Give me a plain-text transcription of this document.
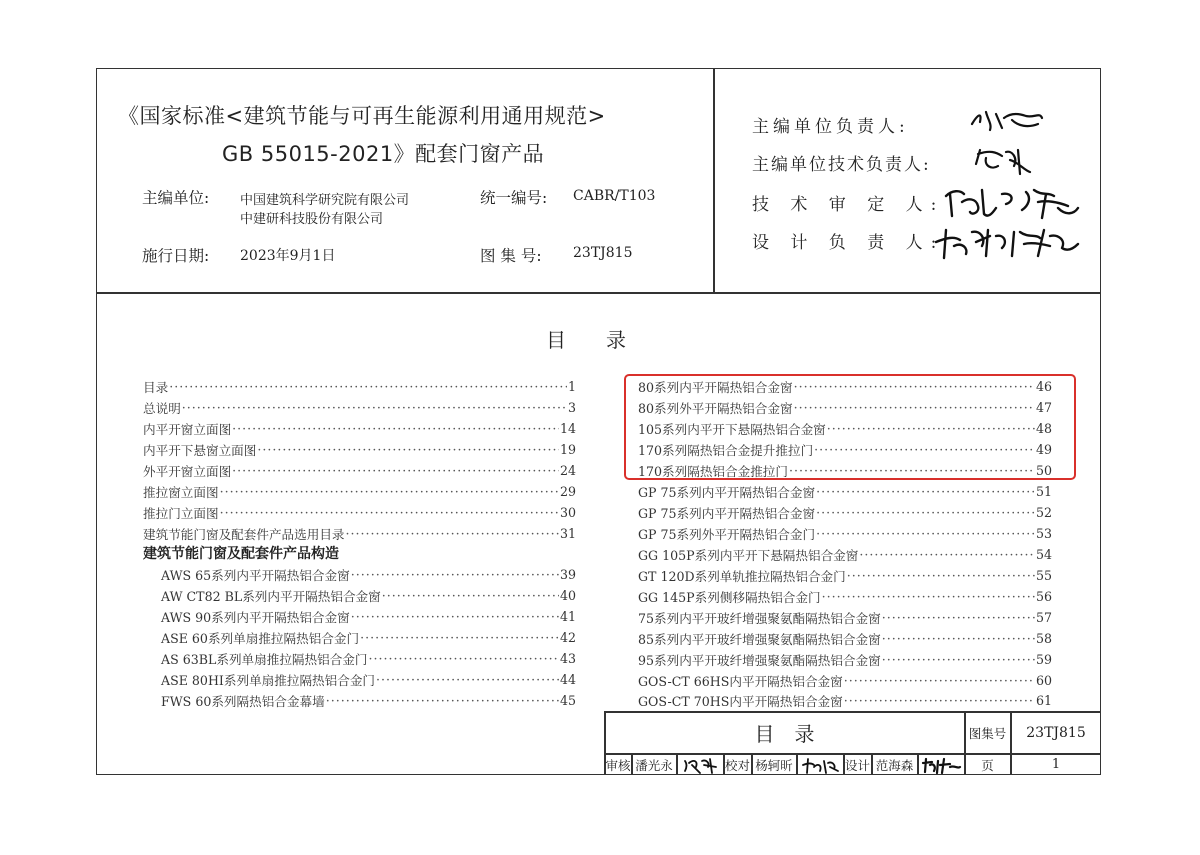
《国家标准<建筑节能与可再生能源利用通用规范>
GB 55015-2021》配套门窗产品
主编单位: 中国建筑科学研究院有限公司
中建研科技股份有限公司
统一编号: CABR/T103
施行日期: 2023年9月1日	图 集 号: 23TJ815
主编单位负责人:
主编单位技术负责人:
技 术 审 定 人:
设 计 负 责 人:
目　　录
目录 ·····	1
总说明 ·····	3
内平开窗立面图 ·····	14
内平开下悬窗立面图 ·····	19
外平开窗立面图 ·····	24
推拉窗立面图 ·····	29
推拉门立面图 ·····	30
建筑节能门窗及配套件产品选用目录 ·····	31
建筑节能门窗及配套件产品构造
AWS 65系列内平开隔热铝合金窗 ·····	39
AW CT82 BL系列内平开隔热铝合金窗 ·····	40
AWS 90系列内平开隔热铝合金窗 ·····	41
ASE 60系列单扇推拉隔热铝合金门 ·····	42
AS 63BL系列单扇推拉隔热铝合金门 ·····	43
ASE 80HI系列单扇推拉隔热铝合金门 ·····	44
FWS 60系列隔热铝合金幕墙 ·····	45
80系列内平开隔热铝合金窗 ·····	46
80系列外平开隔热铝合金窗 ·····	47
105系列内平开下悬隔热铝合金窗 ·····	48
170系列隔热铝合金提升推拉门 ·····	49
170系列隔热铝合金推拉门 ·····	50
GP 75系列内平开隔热铝合金窗 ·····	51
GP 75系列内平开隔热铝合金窗 ·····	52
GP 75系列外平开隔热铝合金门 ·····	53
GG 105P系列内平开下悬隔热铝合金窗 ·····	54
GT 120D系列单轨推拉隔热铝合金门 ·····	55
GG 145P系列侧移隔热铝合金门 ·····	56
75系列内平开玻纤增强聚氨酯隔热铝合金窗 ·····	57
85系列内平开玻纤增强聚氨酯隔热铝合金窗 ·····	58
95系列内平开玻纤增强聚氨酯隔热铝合金窗 ·····	59
GOS-CT 66HS内平开隔热铝合金窗 ·····	60
GOS-CT 70HS内平开隔热铝合金窗 ·····	61
目　录	图集号	23TJ815
审核 潘光永	校对 杨轲昕	设计 范海森	页	1
